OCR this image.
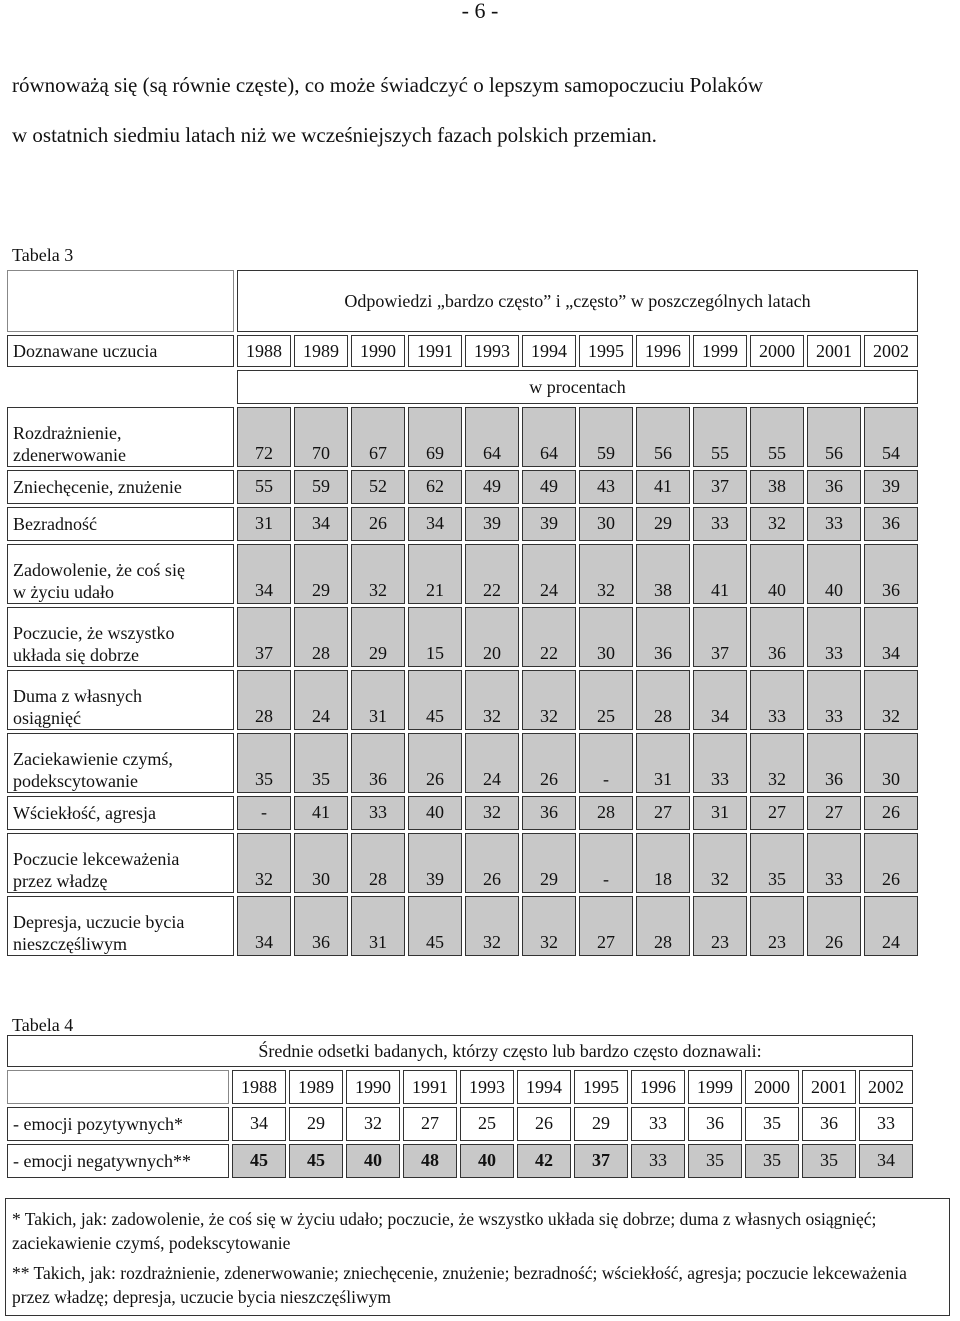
- 6 -
równoważą się (są równie częste), co może świadczyć o lepszym samopoczuciu Polaków
w ostatnich siedmiu latach niż we wcześniejszych fazach polskich przemian.
Tabela 3
	Odpowiedzi „bardzo często” i „często” w poszczególnych latach											
Doznawane uczucia	1988	1989	1990	1991	1993	1994	1995	1996	1999	2000	2001	2002
	w procentach											

Rozdrażnienie,
zdenerwowanie	72	70	67	69	64	64	59	56	55	55	56	54

Zniechęcenie, znużenie	55	59	52	62	49	49	43	41	37	38	36	39

Bezradność	31	34	26	34	39	39	30	29	33	32	33	36

Zadowolenie, że coś się
w życiu udało	34	29	32	21	22	24	32	38	41	40	40	36

Poczucie, że wszystko
układa się dobrze	37	28	29	15	20	22	30	36	37	36	33	34

Duma z własnych
osiągnięć	28	24	31	45	32	32	25	28	34	33	33	32

Zaciekawienie czymś,
podekscytowanie	35	35	36	26	24	26	-	31	33	32	36	30

Wściekłość, agresja	-	41	33	40	32	36	28	27	31	27	27	26

Poczucie lekceważenia
przez władzę	32	30	28	39	26	29	-	18	32	35	33	26

Depresja, uczucie bycia
nieszczęśliwym	34	36	31	45	32	32	27	28	23	23	26	24
Tabela 4
Średnie odsetki badanych, którzy często lub bardzo często doznawali:												
	1988	1989	1990	1991	1993	1994	1995	1996	1999	2000	2001	2002
- emocji pozytywnych*	34	29	32	27	25	26	29	33	36	35	36	33
- emocji negatywnych**	45	45	40	48	40	42	37	33	35	35	35	34

* Takich, jak: zadowolenie, że coś się w życiu udało; poczucie, że wszystko układa się dobrze; duma z własnych osiągnięć; zaciekawienie czymś, podekscytowanie

** Takich, jak: rozdrażnienie, zdenerwowanie; zniechęcenie, znużenie; bezradność; wściekłość, agresja; poczucie lekceważenia przez władzę; depresja, uczucie bycia nieszczęśliwym
